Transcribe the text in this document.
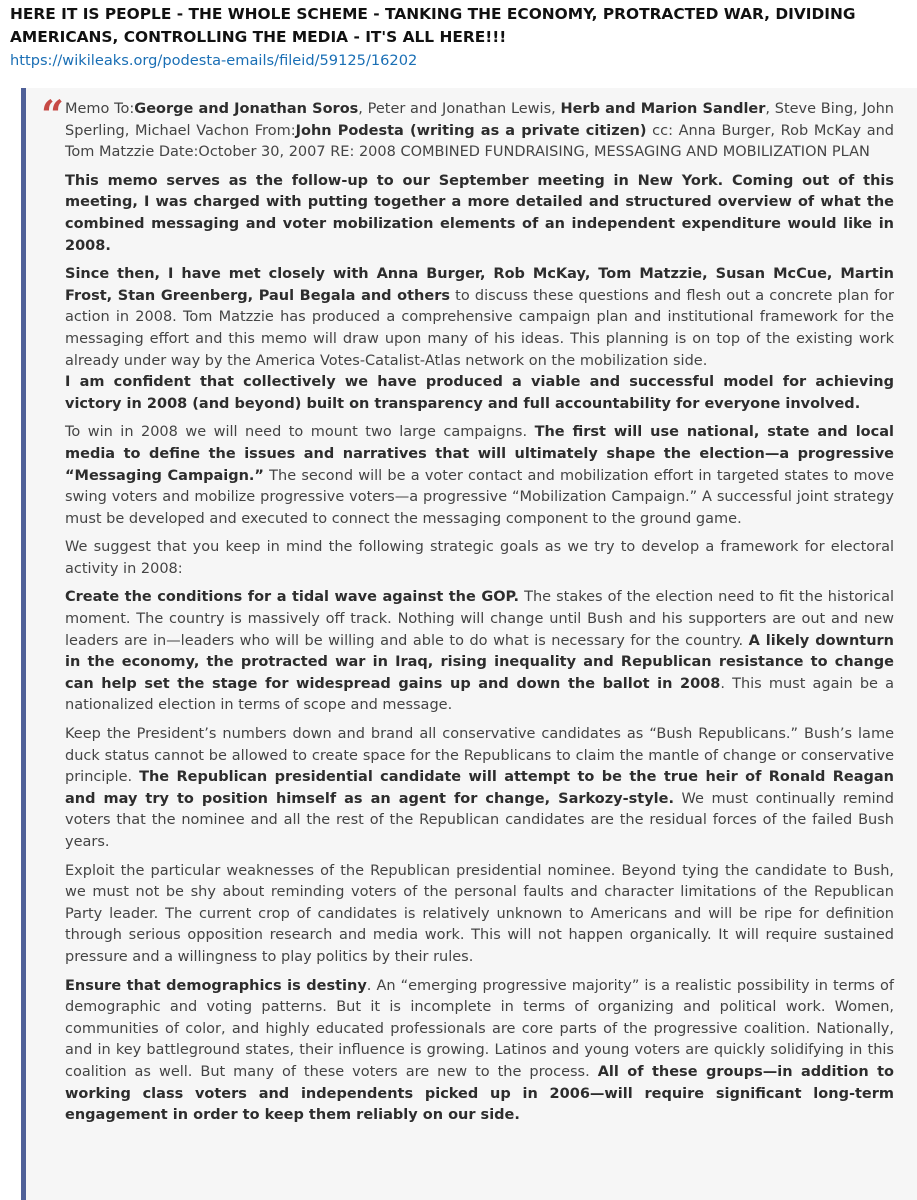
HERE IT IS PEOPLE - THE WHOLE SCHEME - TANKING THE ECONOMY, PROTRACTED WAR, DIVIDING AMERICANS, CONTROLLING THE MEDIA - IT'S ALL HERE!!!
https://wikileaks.org/podesta-emails/fileid/59125/16202
“ Memo To:George and Jonathan Soros, Peter and Jonathan Lewis, Herb and Marion Sandler, Steve Bing, John Sperling, Michael Vachon From:John Podesta (writing as a private citizen) cc: Anna Burger, Rob McKay and Tom Matzzie Date:October 30, 2007 RE: 2008 COMBINED FUNDRAISING, MESSAGING AND MOBILIZATION PLAN

This memo serves as the follow-up to our September meeting in New York. Coming out of this meeting, I was charged with putting together a more detailed and structured overview of what the combined messaging and voter mobilization elements of an independent expenditure would like in 2008.

Since then, I have met closely with Anna Burger, Rob McKay, Tom Matzzie, Susan McCue, Martin Frost, Stan Greenberg, Paul Begala and others to discuss these questions and flesh out a concrete plan for action in 2008. Tom Matzzie has produced a comprehensive campaign plan and institutional framework for the messaging effort and this memo will draw upon many of his ideas. This planning is on top of the existing work already under way by the America Votes-Catalist-Atlas network on the mobilization side.

I am confident that collectively we have produced a viable and successful model for achieving victory in 2008 (and beyond) built on transparency and full accountability for everyone involved.

To win in 2008 we will need to mount two large campaigns. The first will use national, state and local media to define the issues and narratives that will ultimately shape the election—a progressive “Messaging Campaign.” The second will be a voter contact and mobilization effort in targeted states to move swing voters and mobilize progressive voters—a progressive “Mobilization Campaign.” A successful joint strategy must be developed and executed to connect the messaging component to the ground game.

We suggest that you keep in mind the following strategic goals as we try to develop a framework for electoral activity in 2008:

Create the conditions for a tidal wave against the GOP. The stakes of the election need to fit the historical moment. The country is massively off track. Nothing will change until Bush and his supporters are out and new leaders are in—leaders who will be willing and able to do what is necessary for the country. A likely downturn in the economy, the protracted war in Iraq, rising inequality and Republican resistance to change can help set the stage for widespread gains up and down the ballot in 2008. This must again be a nationalized election in terms of scope and message.

Keep the President’s numbers down and brand all conservative candidates as “Bush Republicans.” Bush’s lame duck status cannot be allowed to create space for the Republicans to claim the mantle of change or conservative principle. The Republican presidential candidate will attempt to be the true heir of Ronald Reagan and may try to position himself as an agent for change, Sarkozy-style. We must continually remind voters that the nominee and all the rest of the Republican candidates are the residual forces of the failed Bush years.

Exploit the particular weaknesses of the Republican presidential nominee. Beyond tying the candidate to Bush, we must not be shy about reminding voters of the personal faults and character limitations of the Republican Party leader. The current crop of candidates is relatively unknown to Americans and will be ripe for definition through serious opposition research and media work. This will not happen organically. It will require sustained pressure and a willingness to play politics by their rules.

Ensure that demographics is destiny. An “emerging progressive majority” is a realistic possibility in terms of demographic and voting patterns. But it is incomplete in terms of organizing and political work. Women, communities of color, and highly educated professionals are core parts of the progressive coalition. Nationally, and in key battleground states, their influence is growing. Latinos and young voters are quickly solidifying in this coalition as well. But many of these voters are new to the process. All of these groups—in addition to working class voters and independents picked up in 2006—will require significant long-term engagement in order to keep them reliably on our side.
